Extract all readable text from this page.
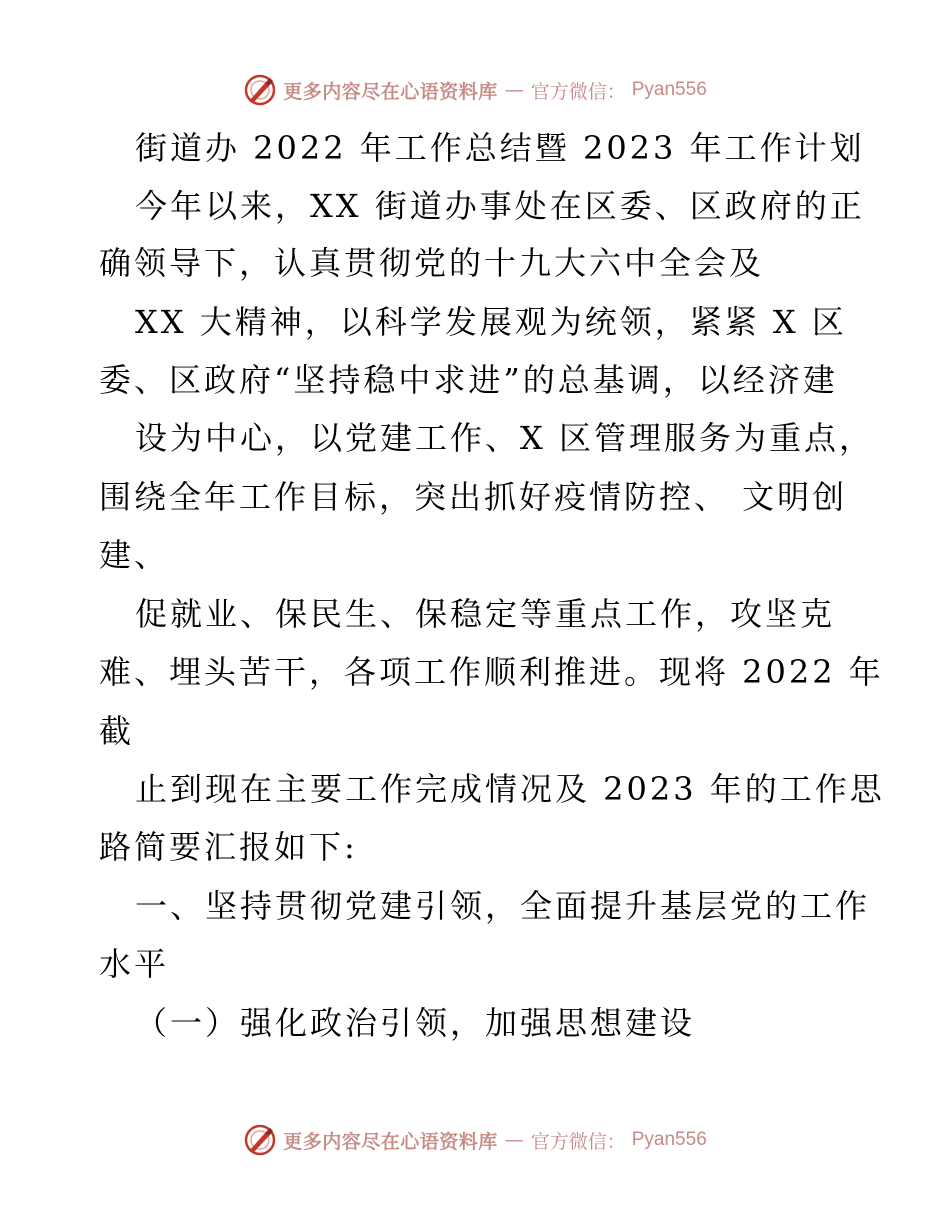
更多内容尽在心语资料库 — 官方微信： Pyan556
街道办 2022 年工作总结暨 2023 年工作计划
今年以来，XX 街道办事处在区委、区政府的正
确领导下，认真贯彻党的十九大六中全会及
XX 大精神，以科学发展观为统领，紧紧 X 区
委、区政府“坚持稳中求进”的总基调，以经济建
设为中心，以党建工作、X 区管理服务为重点，
围绕全年工作目标，突出抓好疫情防控、 文明创
建、
促就业、保民生、保稳定等重点工作，攻坚克
难、埋头苦干，各项工作顺利推进。现将 2022 年
截
止到现在主要工作完成情况及 2023 年的工作思
路简要汇报如下:
一、坚持贯彻党建引领，全面提升基层党的工作
水平
（一）强化政治引领，加强思想建设
更多内容尽在心语资料库 — 官方微信： Pyan556
